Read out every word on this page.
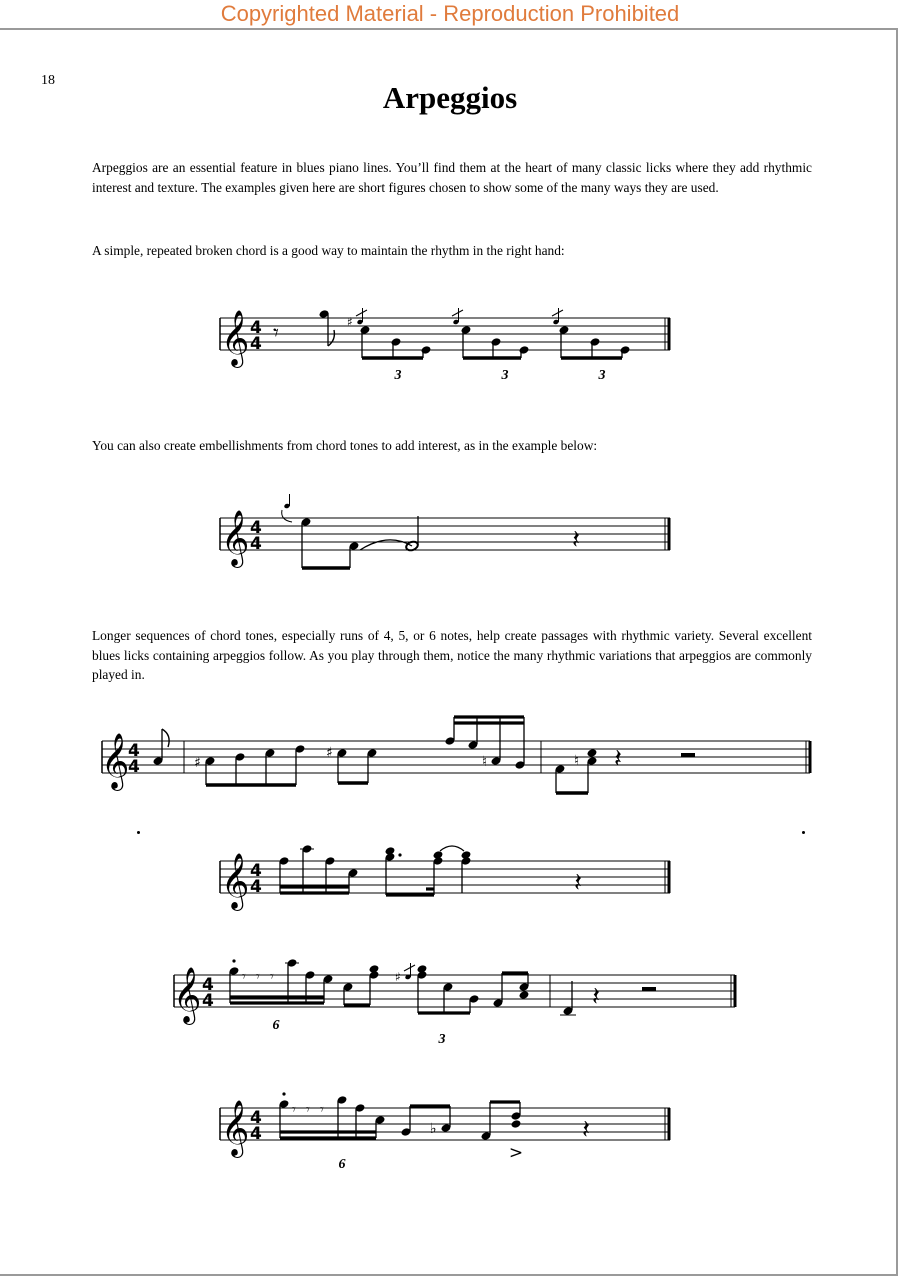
Copyrighted Material - Reproduction Prohibited
18	Arpeggios

Arpeggios are an essential feature in blues piano lines. You’ll find them at the heart of many classic licks where they add rhythmic interest and texture. The examples given here are short figures chosen to show some of the many ways they are used.

A simple, repeated broken chord is a good way to maintain the rhythm in the right hand:

𝄞 4
4 𝄾	♯
3	3	3

You can also create embellishments from chord tones to add interest, as in the example below:

𝄞 4
4	𝄽

Longer sequences of chord tones, especially runs of 4, 5, or 6 notes, help create passages with rhythmic variety. Several excellent blues licks containing arpeggios follow. As you play through them, notice the many rhythmic variations that arpeggios are commonly played in.

𝄞
4
4	♯
♯
♮	♮ 𝄽
𝄞 4
4	𝄽
𝄞 4
4
𝄾 𝄾 𝄾
6
♯
3
𝄽
𝄞 4
4
𝄾 𝄾 𝄾
6
♭
>
𝄽
